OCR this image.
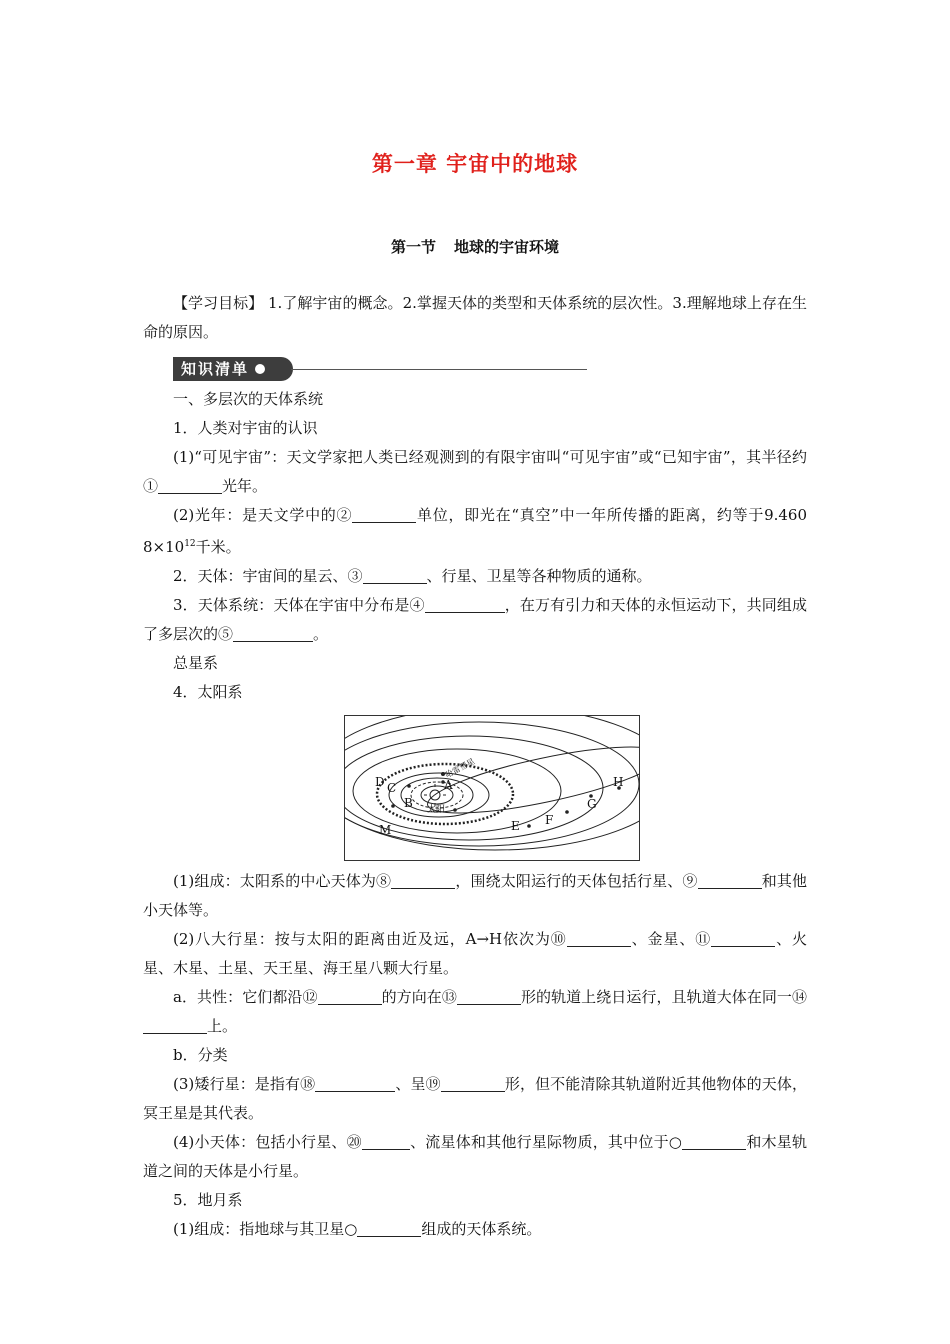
第一章 宇宙中的地球
第一节 地球的宇宙环境

【学习目标】 1.了解宇宙的概念。2.掌握天体的类型和天体系统的层次性。3.理解地球上存在生命的原因。

知识清单

一、多层次的天体系统

1．人类对宇宙的认识

(1)“可见宇宙”：天文学家把人类已经观测到的有限宇宙叫“可见宇宙”或“已知宇宙”，其半径约①	光年。

(2)光年：是天文学中的②	单位，即光在“真空”中一年所传播的距离，约等于9.460 $8\times 10^{12}$千米。

2．天体：宇宙间的星云、③	、行星、卫星等各种物质的通称。

3．天体系统：天体在宇宙中分布是④	，在万有引力和天体的永恒运动下，共同组成了多层次的⑤	。

总星系

4．太阳系

哈雷彗星
太阳
A
B
C
D
E F
G
H
M

(1)组成：太阳系的中心天体为⑧	，围绕太阳运行的天体包括行星、⑨	和其他小天体等。

(2)八大行星：按与太阳的距离由近及远，A→H依次为⑩	、金星、⑪	、火星、木星、土星、天王星、海王星八颗大行星。

a．共性：它们都沿⑫	的方向在⑬	形的轨道上绕日运行，且轨道大体在同一⑭上。

b．分类

(3)矮行星：是指有⑱	、呈⑲	形，但不能清除其轨道附近其他物体的天体，冥王星是其代表。

(4)小天体：包括小行星、⑳	、流星体和其他行星际物质，其中位于○	和木星轨道之间的天体是小行星。

5．地月系

(1)组成：指地球与其卫星○	组成的天体系统。
